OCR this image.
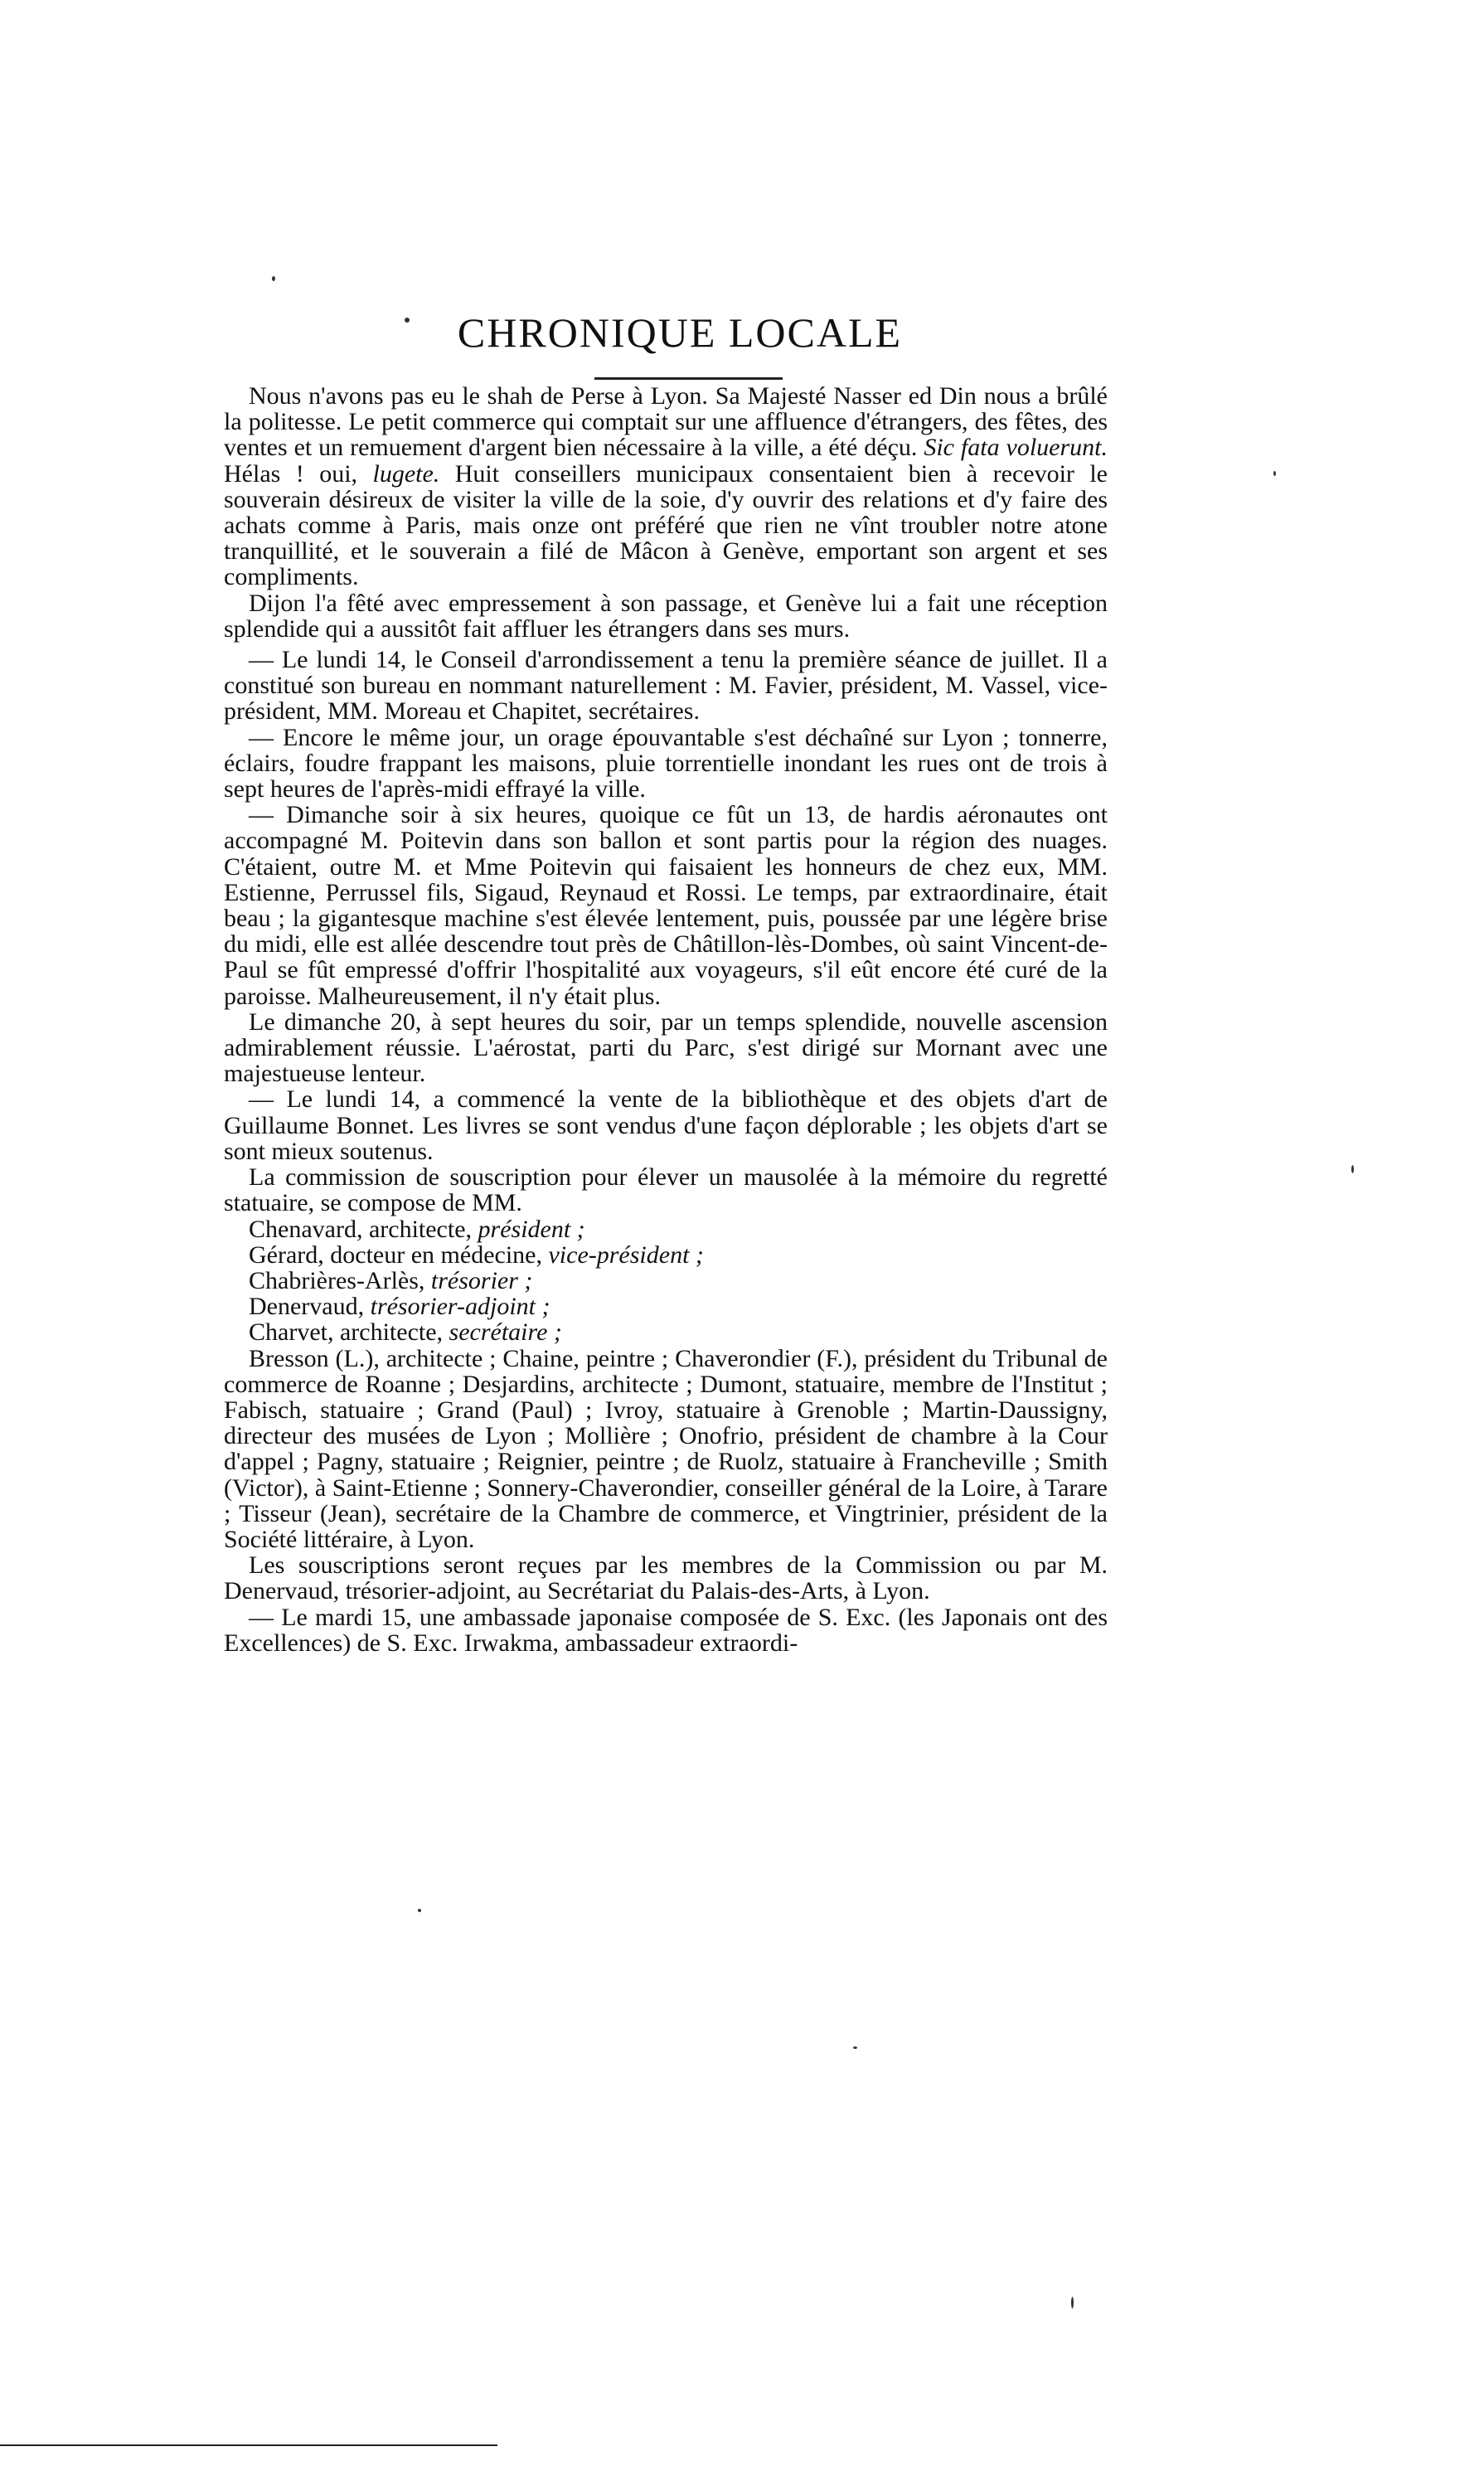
CHRONIQUE LOCALE

Nous n'avons pas eu le shah de Perse à Lyon. Sa Majesté Nasser ed Din nous a brûlé la politesse. Le petit commerce qui comptait sur une affluence d'étrangers, des fêtes, des ventes et un remuement d'argent bien nécessaire à la ville, a été déçu. Sic fata voluerunt. Hélas ! oui, lugete. Huit conseillers municipaux consentaient bien à recevoir le souverain désireux de visiter la ville de la soie, d'y ouvrir des relations et d'y faire des achats comme à Paris, mais onze ont préféré que rien ne vînt troubler notre atone tranquillité, et le souverain a filé de Mâcon à Genève, emportant son argent et ses compliments.

Dijon l'a fêté avec empressement à son passage, et Genève lui a fait une réception splendide qui a aussitôt fait affluer les étrangers dans ses murs.

— Le lundi 14, le Conseil d'arrondissement a tenu la première séance de juillet. Il a constitué son bureau en nommant naturellement : M. Favier, président, M. Vassel, vice-président, MM. Moreau et Chapitet, secrétaires.

— Encore le même jour, un orage épouvantable s'est déchaîné sur Lyon ; tonnerre, éclairs, foudre frappant les maisons, pluie torrentielle inondant les rues ont de trois à sept heures de l'après-midi effrayé la ville.

— Dimanche soir à six heures, quoique ce fût un 13, de hardis aéronautes ont accompagné M. Poitevin dans son ballon et sont partis pour la région des nuages. C'étaient, outre M. et Mme Poitevin qui faisaient les honneurs de chez eux, MM. Estienne, Perrussel fils, Sigaud, Reynaud et Rossi. Le temps, par extraordinaire, était beau ; la gigantesque machine s'est élevée lentement, puis, poussée par une légère brise du midi, elle est allée descendre tout près de Châtillon-lès-Dombes, où saint Vincent-de-Paul se fût empressé d'offrir l'hospitalité aux voyageurs, s'il eût encore été curé de la paroisse. Malheureusement, il n'y était plus.

Le dimanche 20, à sept heures du soir, par un temps splendide, nouvelle ascension admirablement réussie. L'aérostat, parti du Parc, s'est dirigé sur Mornant avec une majestueuse lenteur.

— Le lundi 14, a commencé la vente de la bibliothèque et des objets d'art de Guillaume Bonnet. Les livres se sont vendus d'une façon déplorable ; les objets d'art se sont mieux soutenus.

La commission de souscription pour élever un mausolée à la mémoire du regretté statuaire, se compose de MM.

Chenavard, architecte, président ;

Gérard, docteur en médecine, vice-président ;

Chabrières-Arlès, trésorier ;

Denervaud, trésorier-adjoint ;

Charvet, architecte, secrétaire ;

Bresson (L.), architecte ; Chaine, peintre ; Chaverondier (F.), président du Tribunal de commerce de Roanne ; Desjardins, architecte ; Dumont, statuaire, membre de l'Institut ; Fabisch, statuaire ; Grand (Paul) ; Ivroy, statuaire à Grenoble ; Martin-Daussigny, directeur des musées de Lyon ; Mollière ; Onofrio, président de chambre à la Cour d'appel ; Pagny, statuaire ; Reignier, peintre ; de Ruolz, statuaire à Francheville ; Smith (Victor), à Saint-Etienne ; Sonnery-Chaverondier, conseiller général de la Loire, à Tarare ; Tisseur (Jean), secrétaire de la Chambre de commerce, et Vingtrinier, président de la Société littéraire, à Lyon.

Les souscriptions seront reçues par les membres de la Commission ou par M. Denervaud, trésorier-adjoint, au Secrétariat du Palais-des-Arts, à Lyon.

— Le mardi 15, une ambassade japonaise composée de S. Exc. (les Japonais ont des Excellences) de S. Exc. Irwakma, ambassadeur extraordi-
